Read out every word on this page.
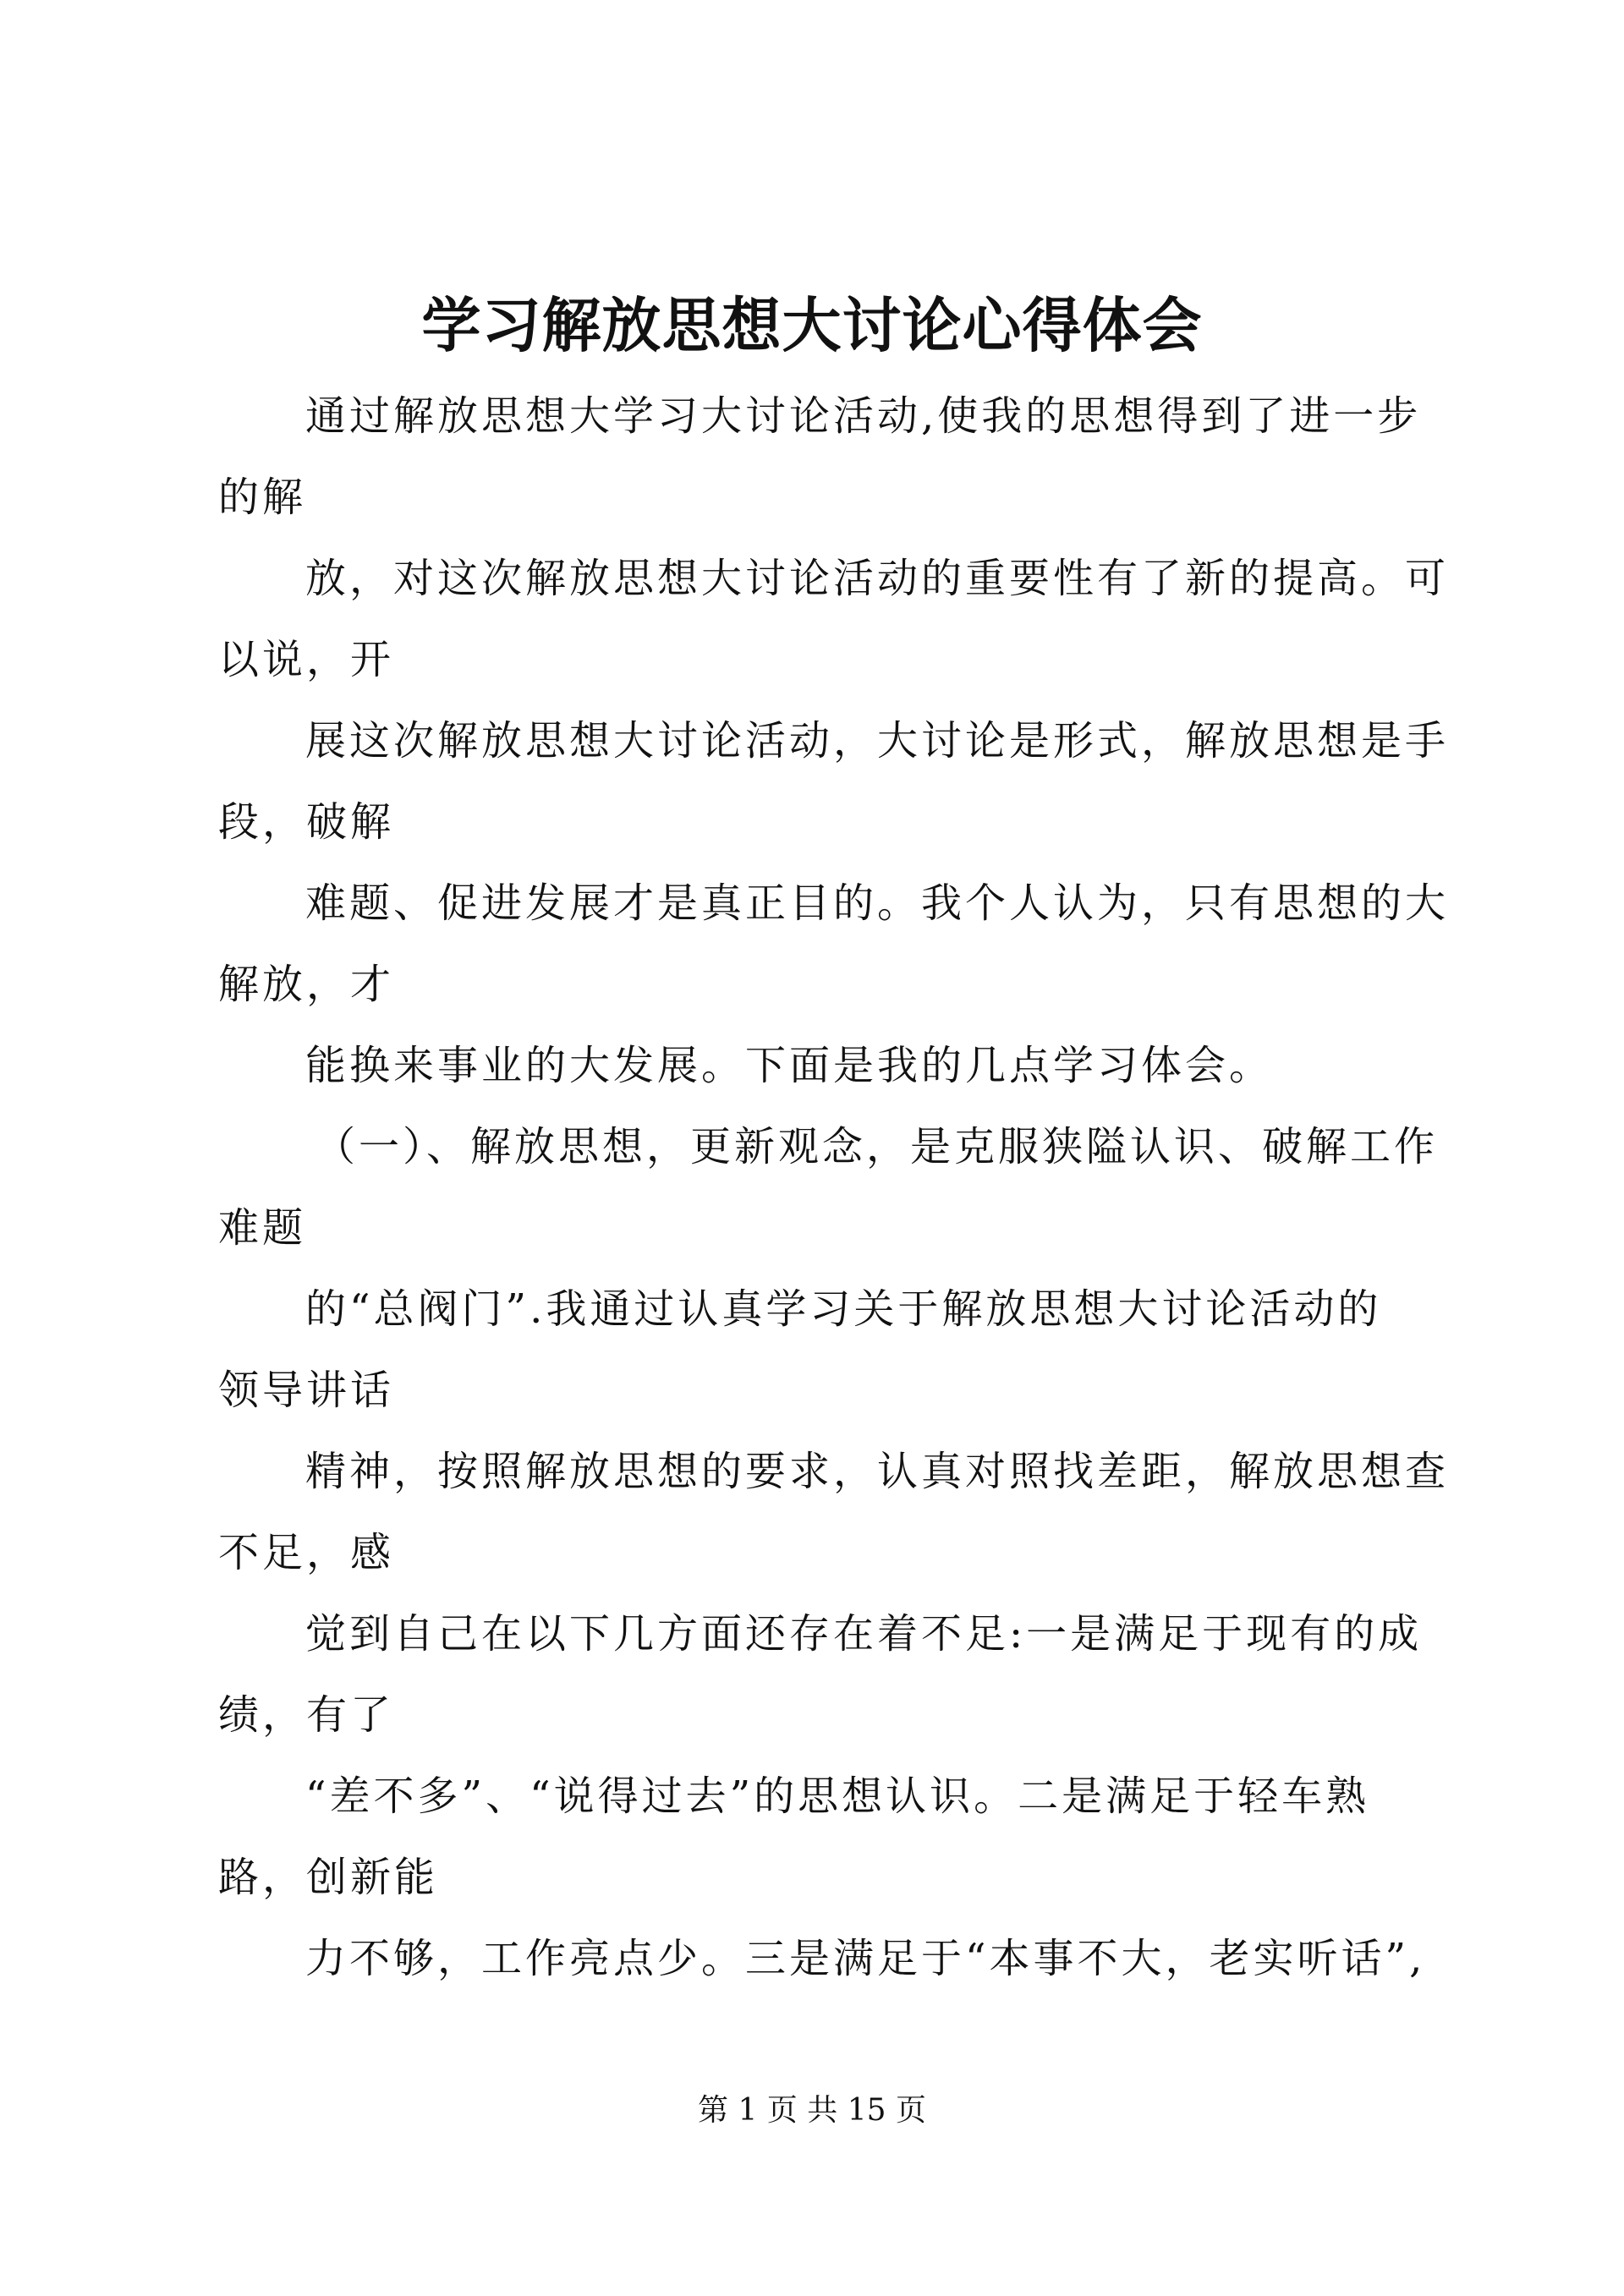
学习解放思想大讨论心得体会
通过解放思想大学习大讨论活动,使我的思想得到了进一步
的解
放，对这次解放思想大讨论活动的重要性有了新的提高。可
以说，开
展这次解放思想大讨论活动，大讨论是形式，解放思想是手
段，破解
难题、促进发展才是真正目的。我个人认为，只有思想的大
解放，才
能换来事业的大发展。下面是我的几点学习体会。
（一）、解放思想，更新观念，是克服狭隘认识、破解工作
难题
的“总阀门”.我通过认真学习关于解放思想大讨论活动的
领导讲话
精神，按照解放思想的要求，认真对照找差距，解放思想查
不足，感
觉到自己在以下几方面还存在着不足:一是满足于现有的成
绩，有了
“差不多”、“说得过去”的思想认识。二是满足于轻车熟
路，创新能
力不够，工作亮点少。三是满足于“本事不大，老实听话”,
第 1 页 共 15 页
